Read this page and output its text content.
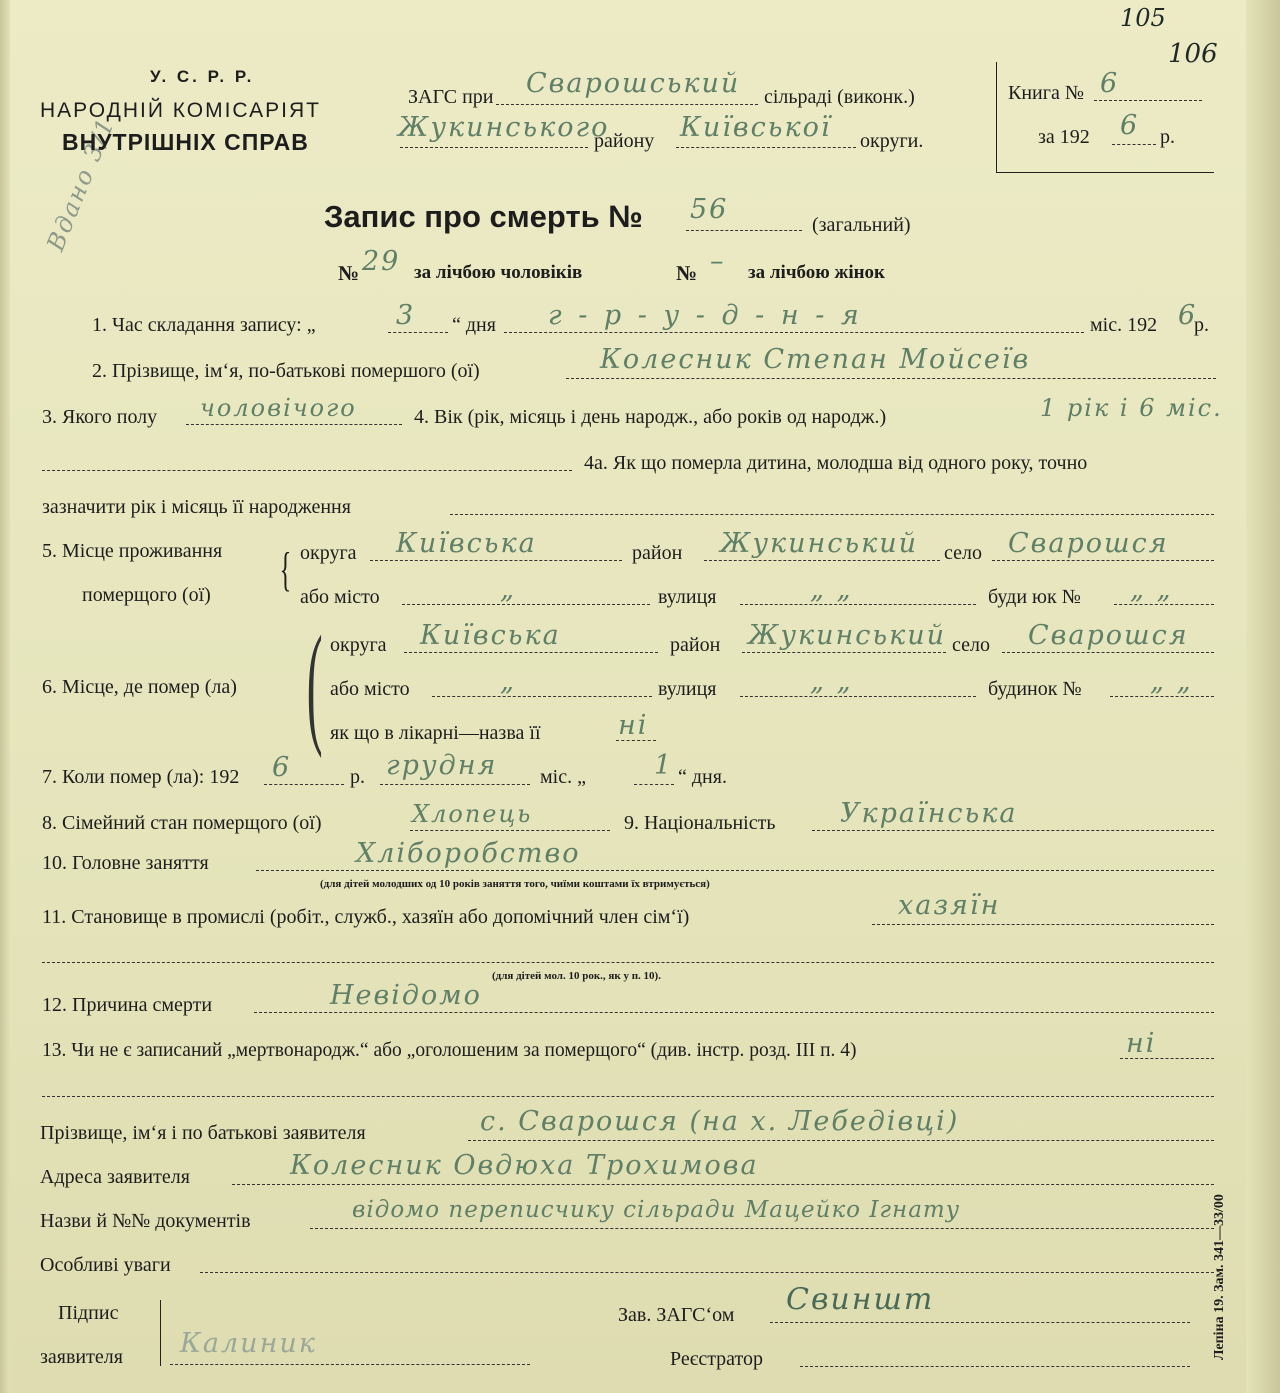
Вдано 3/1
105
106
У. С. Р. Р.
НАРОДНІЙ КОМІСАРІЯТ
ВНУТРІШНІХ СПРАВ
ЗАГС при Сварошський сільраді (виконк.)
Жукинського
району Київської округи.
Книга № 6
за 192 6 р.
Запис про смерть № 56	(загальний)
№ 29 за лічбою чоловіків	№ – за лічбою жінок
1. Час складання запису: „	3 “ дня г - р - у - д - н - я	міс. 192 6
р.
2. Прізвище, ім‘я, по-батькові помершого (ої)	Колесник Степан Мойсеїв
3. Якого полу чоловічого	4. Вік (рік, місяць і день народж., або років од народж.)	1 рік і 6 міс.
4а. Як що померла дитина, молодша від одного року, точно
зазначити рік і місяць її народження
5. Місце проживання
померщого (ої) { округа Київська	район Жукинський село Сварошся
або місто	„	вулиця	„ „	буди юк № „ „
6. Місце, де помер (ла) ( округа Київська	район Жукинський село Сварошся
або місто	„	вулиця	„ „	будинок №	„ „
як що в лікарні—назва її	ні
7. Коли помер (ла): 192 6	р. грудня міс. „	1 “ дня.
8. Сімейний стан померщого (ої)	Хлопець	9. Національність Українська
10. Головне заняття	Хліборобство
(для дітей молодших од 10 років заняття того, чиїми коштами їх втримується)
11. Становище в промислі (робіт., служб., хазяїн або допомічний член сім‘ї)	хазяїн
(для дітей мол. 10 рок., як у п. 10).
12. Причина смерти	Невідомо
13. Чи не є записаний „мертвонародж.“ або „оголошеним за померщого“ (див. інстр. розд. III п. 4)	ні
Прізвище, ім‘я і по батькові заявителя	с. Сварошся (на х. Лебедівці)
Адреса заявителя	Колесник Овдюха Трохимова
Назви й №№ документів	відомо переписчику сільради Мацейко Ігнату
Особливі уваги
Підпис
заявителя Калиник
Зав. ЗАГС‘ом Свиншт
Реєстратор	Лепіна 19. Зам. 341—33/00
